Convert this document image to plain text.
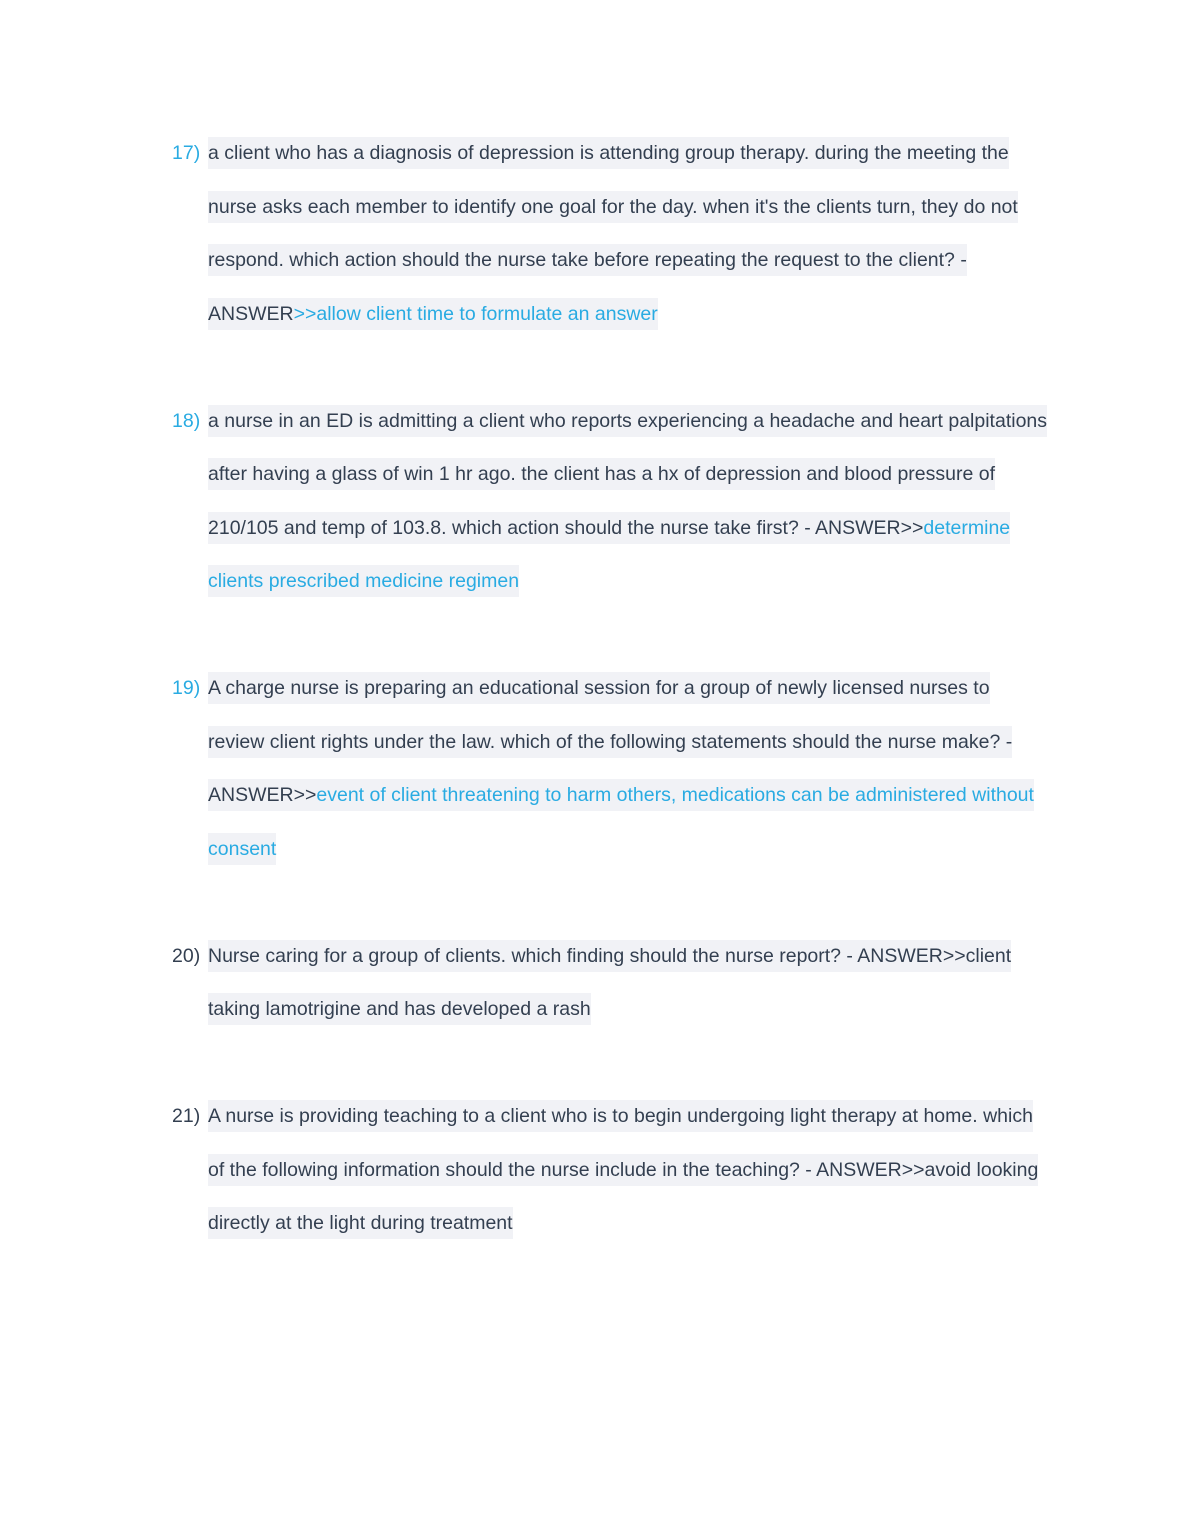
17) a client who has a diagnosis of depression is attending group therapy. during the meeting the nurse asks each member to identify one goal for the day. when it's the clients turn, they do not respond. which action should the nurse take before repeating the request to the client? - ANSWER>>allow client time to formulate an answer
18) a nurse in an ED is admitting a client who reports experiencing a headache and heart palpitations after having a glass of win 1 hr ago. the client has a hx of depression and blood pressure of 210/105 and temp of 103.8. which action should the nurse take first? - ANSWER>>determine clients prescribed medicine regimen
19) A charge nurse is preparing an educational session for a group of newly licensed nurses to review client rights under the law. which of the following statements should the nurse make? - ANSWER>>event of client threatening to harm others, medications can be administered without consent
20) Nurse caring for a group of clients. which finding should the nurse report? - ANSWER>>client taking lamotrigine and has developed a rash
21) A nurse is providing teaching to a client who is to begin undergoing light therapy at home. which of the following information should the nurse include in the teaching? - ANSWER>>avoid looking directly at the light during treatment
